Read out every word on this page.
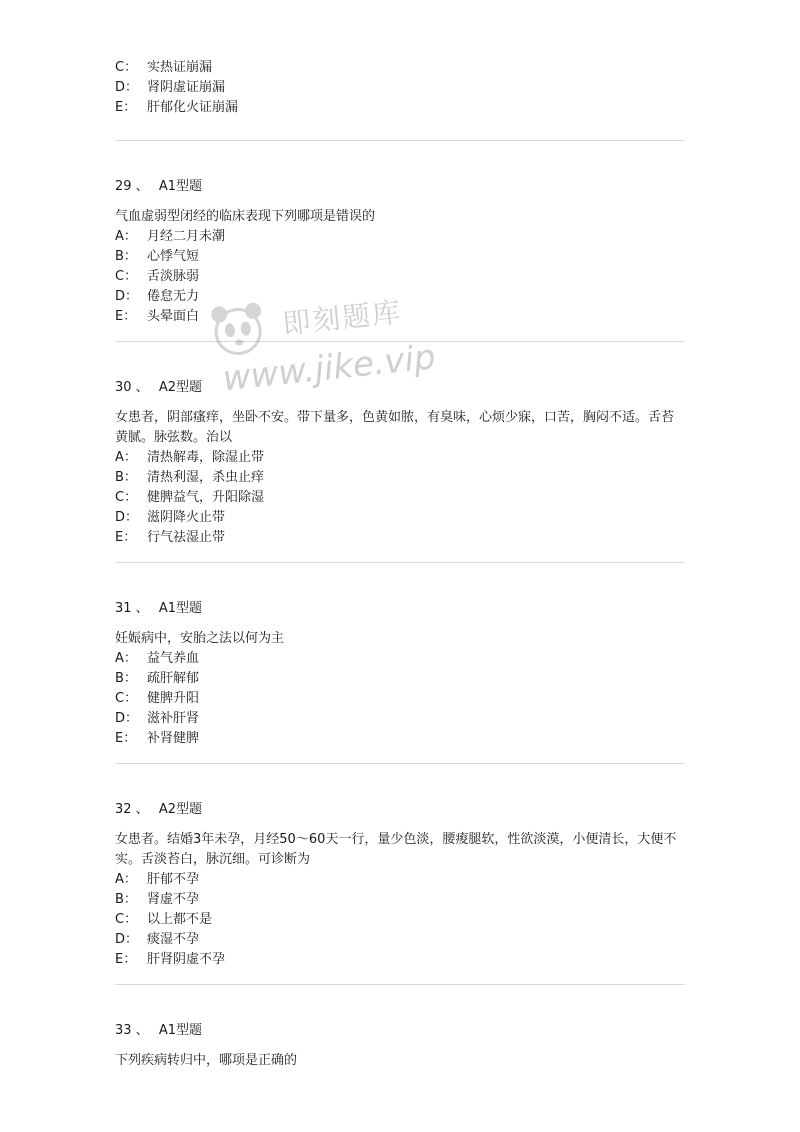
C： 实热证崩漏
D： 肾阴虚证崩漏
E： 肝郁化火证崩漏
29 、 A1型题
气血虚弱型闭经的临床表现下列哪项是错误的
A： 月经二月未潮
B： 心悸气短
C： 舌淡脉弱
D： 倦怠无力
E： 头晕面白
30 、 A2型题
女患者，阴部瘙痒，坐卧不安。带下量多，色黄如脓，有臭味，心烦少寐，口苦，胸闷不适。舌苔黄腻。脉弦数。治以
A： 清热解毒，除湿止带
B： 清热利湿，杀虫止痒
C： 健脾益气，升阳除湿
D： 滋阴降火止带
E： 行气祛湿止带
31 、 A1型题
妊娠病中，安胎之法以何为主
A： 益气养血
B： 疏肝解郁
C： 健脾升阳
D： 滋补肝肾
E： 补肾健脾
32 、 A2型题
女患者。结婚3年未孕，月经50～60天一行，量少色淡，腰痠腿软，性欲淡漠，小便清长，大便不实。舌淡苔白，脉沉细。可诊断为
A： 肝郁不孕
B： 肾虚不孕
C： 以上都不是
D： 痰湿不孕
E： 肝肾阴虚不孕
33 、 A1型题
下列疾病转归中，哪项是正确的
即刻题库
www.jike.vip
